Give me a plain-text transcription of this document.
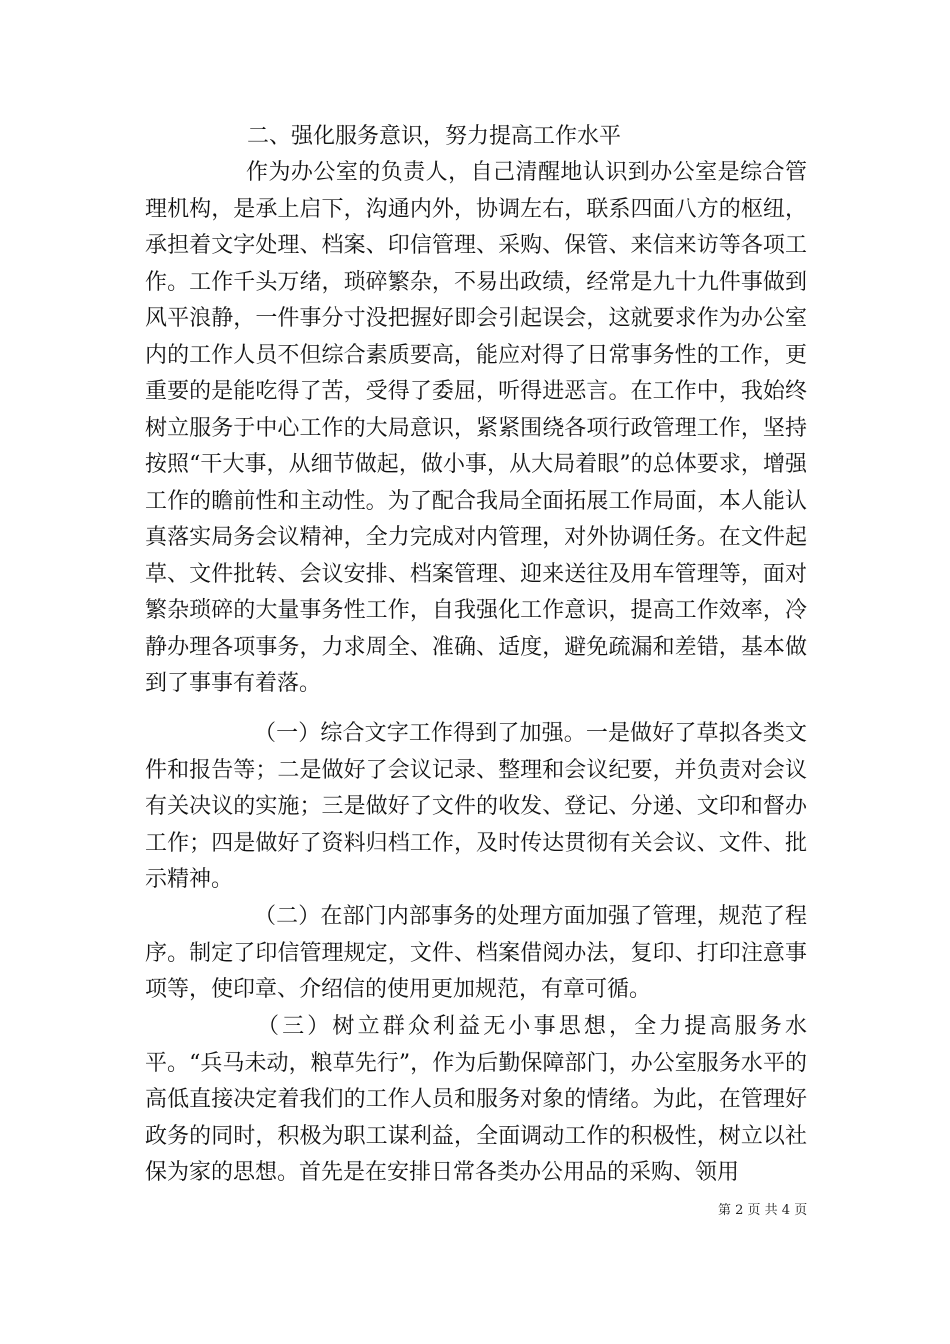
二、强化服务意识，努力提高工作水平

作为办公室的负责人，自己清醒地认识到办公室是综合管理机构，是承上启下，沟通内外，协调左右，联系四面八方的枢纽，承担着文字处理、档案、印信管理、采购、保管、来信来访等各项工作。工作千头万绪，琐碎繁杂，不易出政绩，经常是九十九件事做到风平浪静，一件事分寸没把握好即会引起误会，这就要求作为办公室内的工作人员不但综合素质要高，能应对得了日常事务性的工作，更重要的是能吃得了苦，受得了委屈，听得进恶言。在工作中，我始终树立服务于中心工作的大局意识，紧紧围绕各项行政管理工作，坚持按照“干大事，从细节做起，做小事，从大局着眼”的总体要求，增强工作的瞻前性和主动性。为了配合我局全面拓展工作局面，本人能认真落实局务会议精神，全力完成对内管理，对外协调任务。在文件起草、文件批转、会议安排、档案管理、迎来送往及用车管理等，面对繁杂琐碎的大量事务性工作，自我强化工作意识，提高工作效率，冷静办理各项事务，力求周全、准确、适度，避免疏漏和差错，基本做到了事事有着落。

（一）综合文字工作得到了加强。一是做好了草拟各类文件和报告等；二是做好了会议记录、整理和会议纪要，并负责对会议有关决议的实施；三是做好了文件的收发、登记、分递、文印和督办工作；四是做好了资料归档工作，及时传达贯彻有关会议、文件、批示精神。

（二）在部门内部事务的处理方面加强了管理，规范了程序。制定了印信管理规定，文件、档案借阅办法，复印、打印注意事项等，使印章、介绍信的使用更加规范，有章可循。

（三）树立群众利益无小事思想，全力提高服务水平。“兵马未动，粮草先行”，作为后勤保障部门，办公室服务水平的高低直接决定着我们的工作人员和服务对象的情绪。为此，在管理好政务的同时，积极为职工谋利益，全面调动工作的积极性，树立以社保为家的思想。首先是在安排日常各类办公用品的采购、领用

第 2 页 共 4 页
